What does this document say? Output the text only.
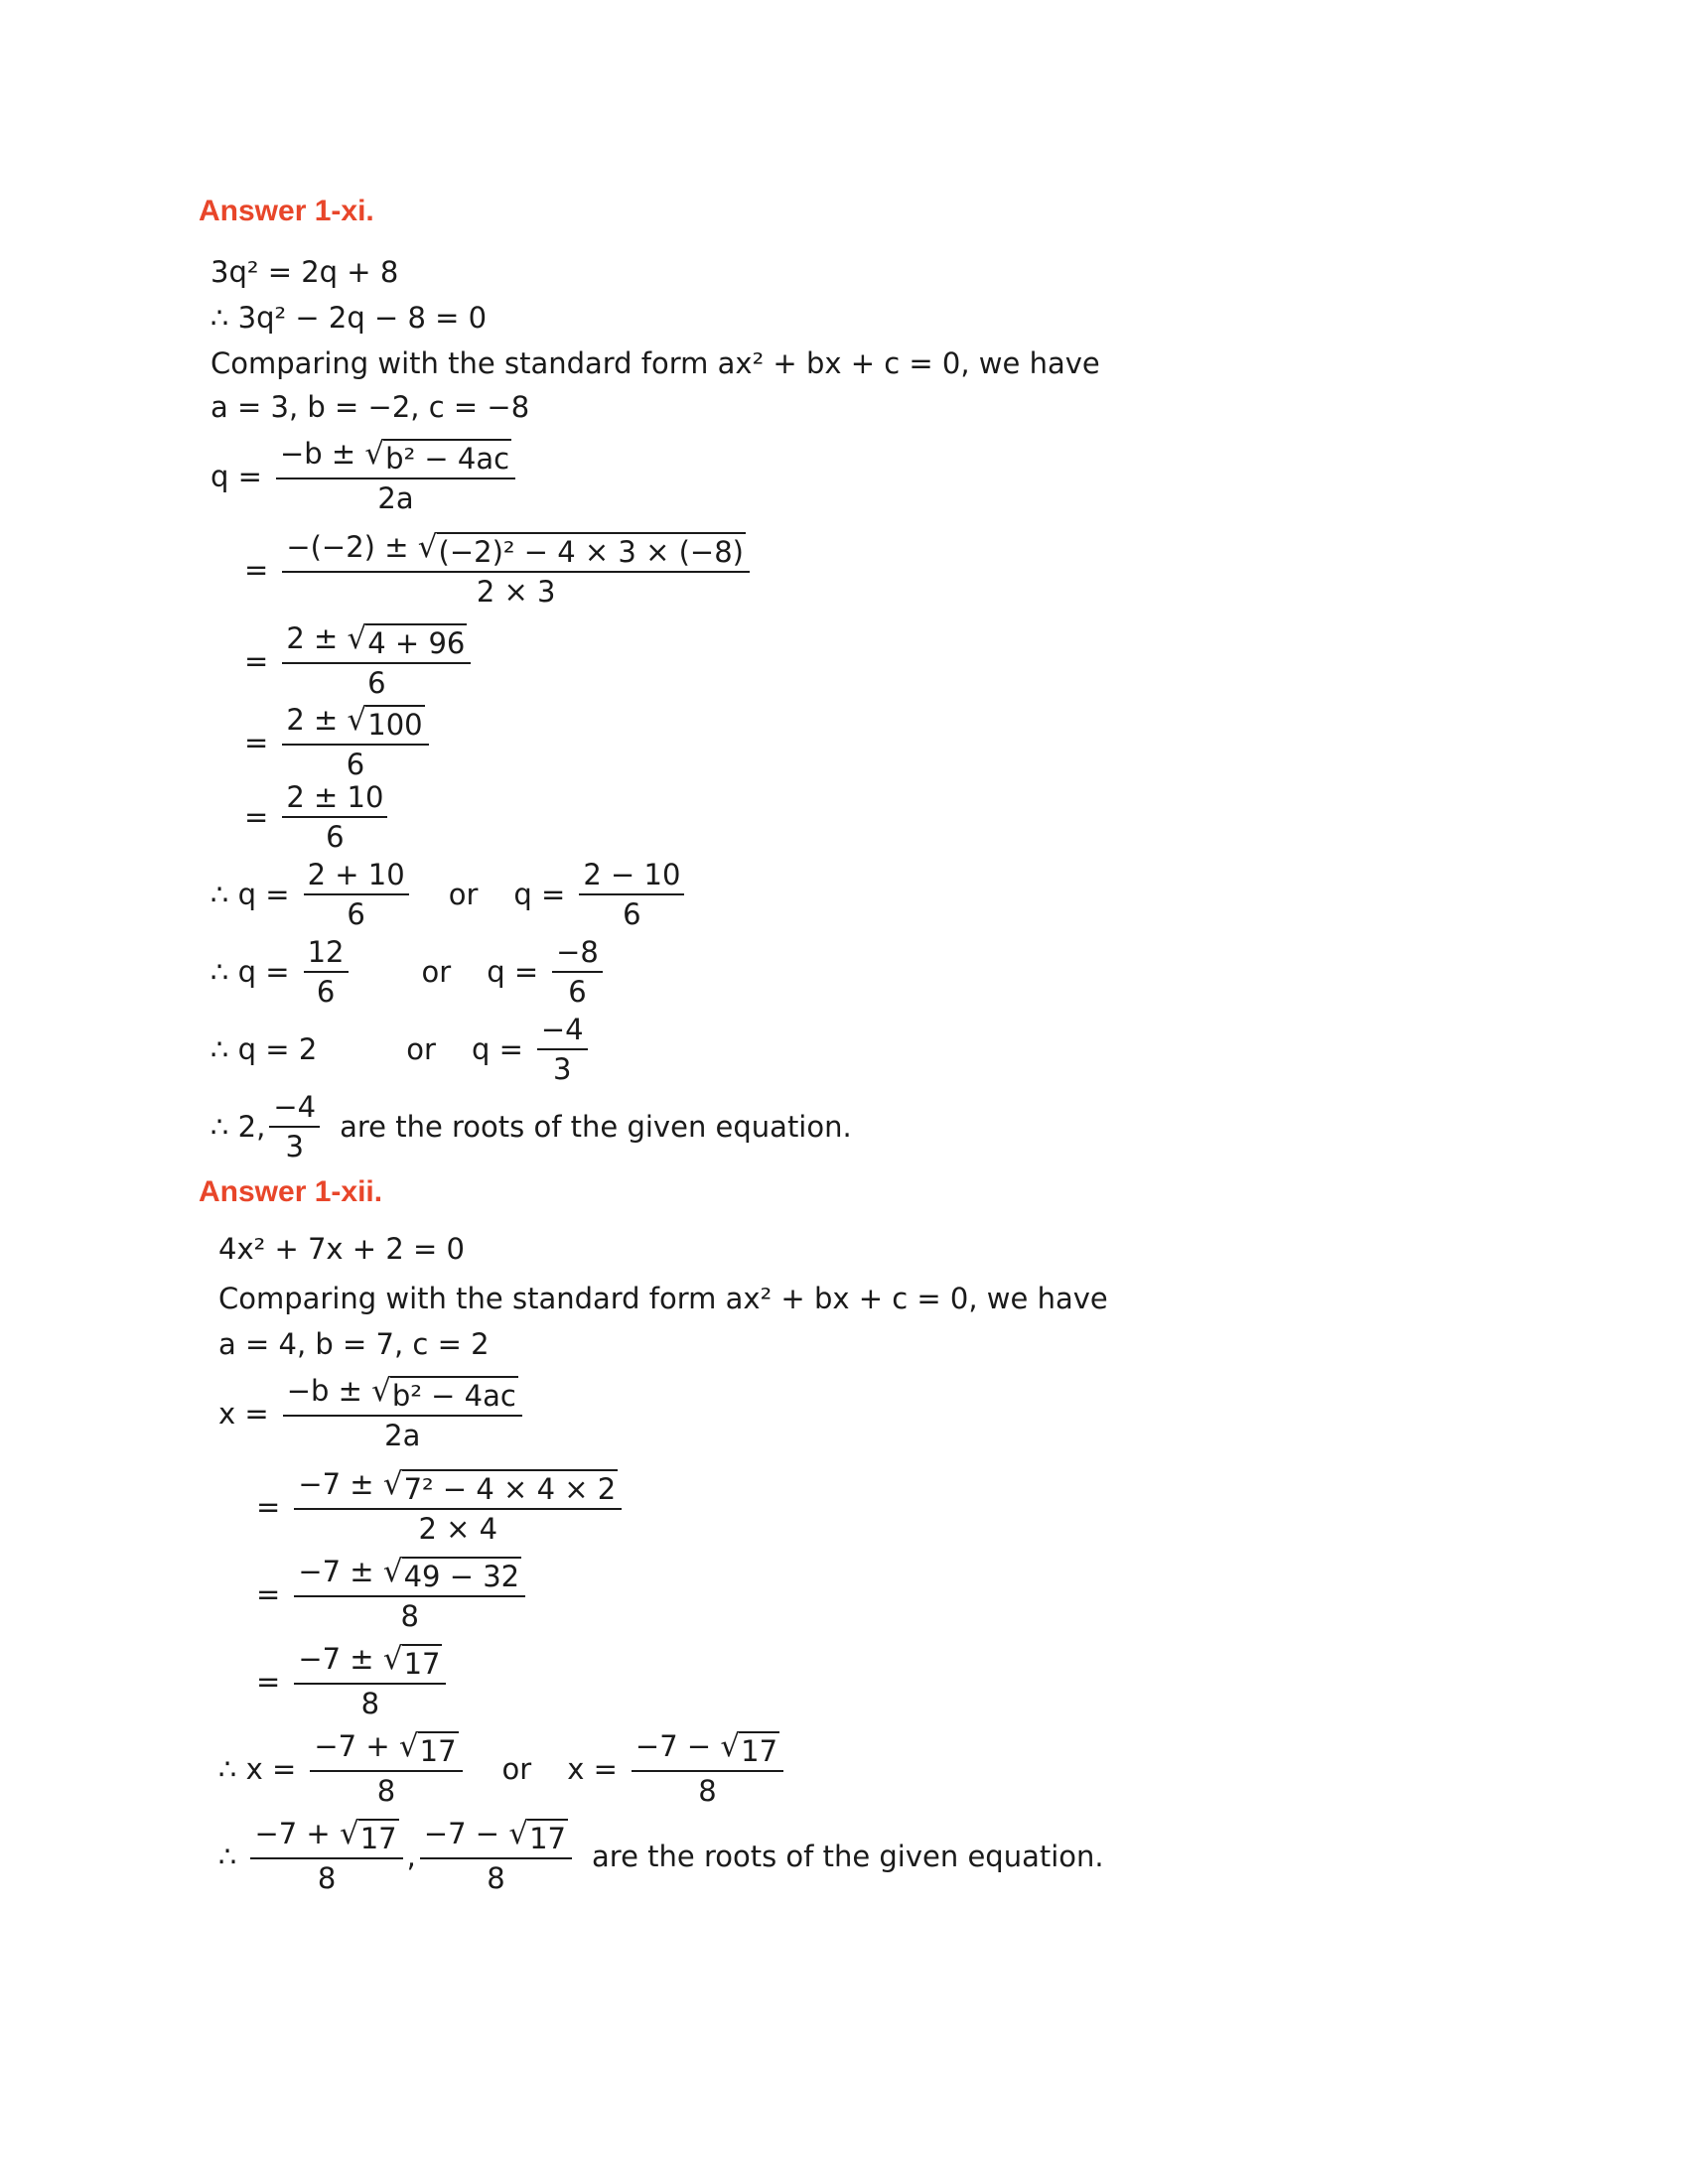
Answer 1-xi.
3q² = 2q + 8
∴ 3q² − 2q − 8 = 0
Comparing with the standard form ax² + bx + c = 0, we have
a = 3, b = −2, c = −8
$q = \frac{\text{−b ± √ b² − 4ac}}{2a}$
= $\frac{\text{−(−2) ± √ (−2)² − 4 × 3 × (−8)}}{2 \times 3}$
= $\frac{2 \pm √ 4 + 96}{6}$
= $\frac{2 \pm √ 100}{6}$
= $\frac{2 \pm 10}{6}$
∴ $q = \frac{2 + 10}{6}$ or $q = \frac{2 - 10}{6}$
∴ $q = \frac{12}{6}$	or $q = \frac{-8}{6}$
∴ q = 2	or $q = \frac{-4}{3}$
∴ 2, $\frac{-4}{3}$ are the roots of the given equation.
Answer 1-xii.
4x² + 7x + 2 = 0
Comparing with the standard form ax² + bx + c = 0, we have
a = 4, b = 7, c = 2
$x = \frac{\text{−b ± √ b² − 4ac}}{2a}$
= $\frac{\text{−7 ± √ 7² − 4 × 4 × 2}}{2 \times 4}$
= $\frac{-7 \pm √ 49 - 32}{8}$
= $\frac{-7 \pm √ 17}{8}$
∴ $x = \frac{-7 + √ 17}{8}$ or $x = \frac{-7 - √ 17}{8}$
∴ $\frac{-7 + √ 17}{8}$ , $\frac{-7 - √ 17}{8}$ are the roots of the given equation.
